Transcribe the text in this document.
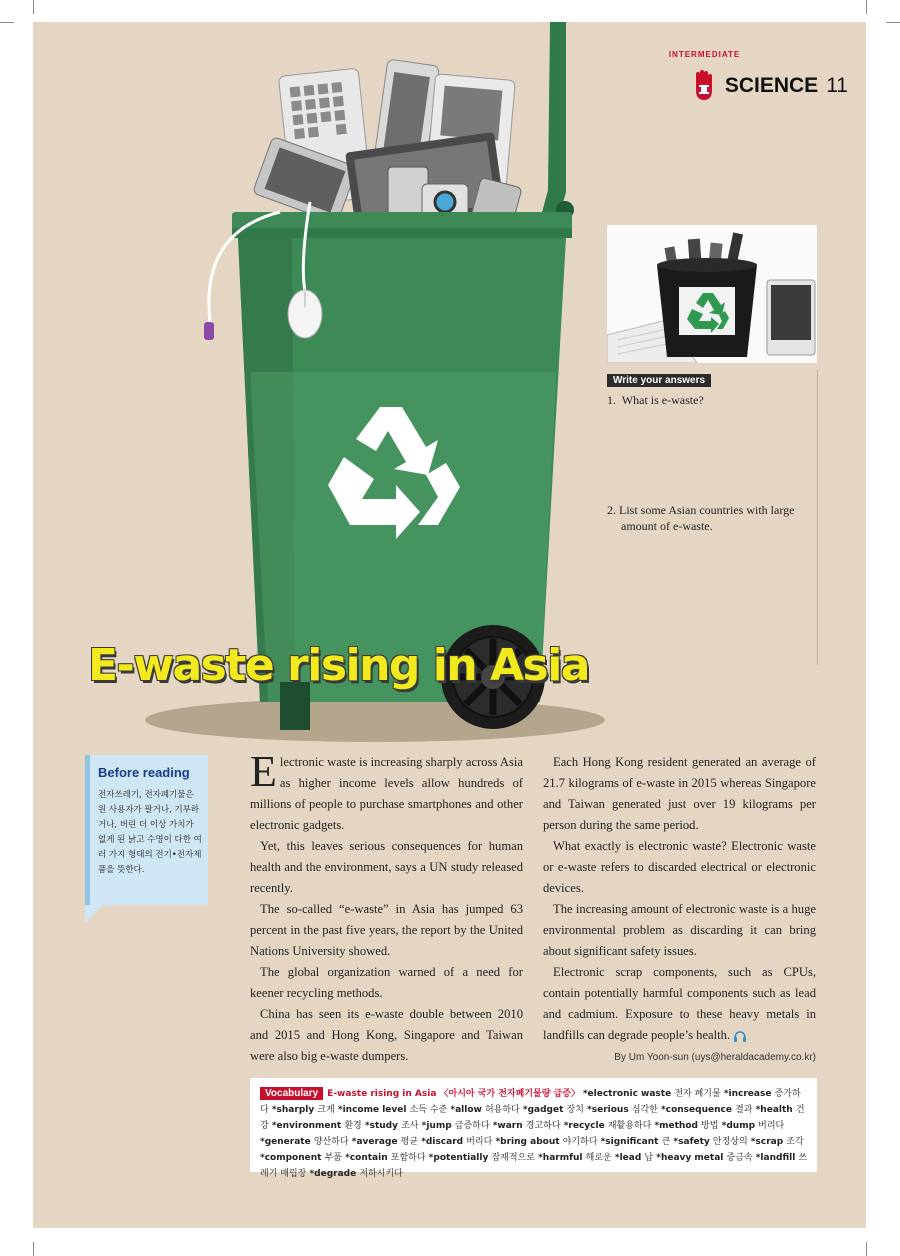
INTERMEDIATE
SCIENCE 11
E-waste rising in Asia
Write your answers
1. What is e-waste?
2. List some Asian countries with large amount of e-waste.
Before reading
전자쓰레기, 전자폐기물은 원 사용자가 팔거나, 기부하거나, 버린 더 이상 가치가 없게 된 낡고 수명이 다한 여러 가지 형태의 전기•전자제품을 뜻한다.

Electronic waste is increasing sharply across Asia as higher income levels allow hundreds of millions of people to purchase smartphones and other electronic gadgets.

Yet, this leaves serious consequences for human health and the environment, says a UN study released recently.

The so-called “e-waste” in Asia has jumped 63 percent in the past five years, the report by the United Nations University showed.

The global organization warned of a need for keener recycling methods.

China has seen its e-waste double between 2010 and 2015 and Hong Kong, Singapore and Taiwan were also big e-waste dumpers.

Each Hong Kong resident generated an average of 21.7 kilograms of e-waste in 2015 whereas Singapore and Taiwan generated just over 19 kilograms per person during the same period.

What exactly is electronic waste? Electronic waste or e-waste refers to discarded electrical or electronic devices.

The increasing amount of electronic waste is a huge environmental problem as discarding it can bring about significant safety issues.

Electronic scrap components, such as CPUs, contain potentially harmful components such as lead and cadmium. Exposure to these heavy metals in landfills can degrade people’s health.

By Um Yoon-sun (uys@heraldacademy.co.kr)
Vocabulary E-waste rising in Asia 〈아시아 국가 전자폐기물량 급증〉 *electronic waste 전자 폐기물 *increase 증가하다 *sharply 크게 *income level 소득 수준 *allow 허용하다 *gadget 장치 *serious 심각한 *consequence 결과 *health 건강 *environment 환경 *study 조사 *jump 급증하다 *warn 경고하다 *recycle 재활용하다 *method 방법 *dump 버리다 *generate 양산하다 *average 평균 *discard 버리다 *bring about 야기하다 *significant 큰 *safety 안정상의 *scrap 조각 *component 부품 *contain 포함하다 *potentially 잠재적으로 *harmful 해로운 *lead 납 *heavy metal 중금속 *landfill 쓰레기 매립장 *degrade 저하시키다
